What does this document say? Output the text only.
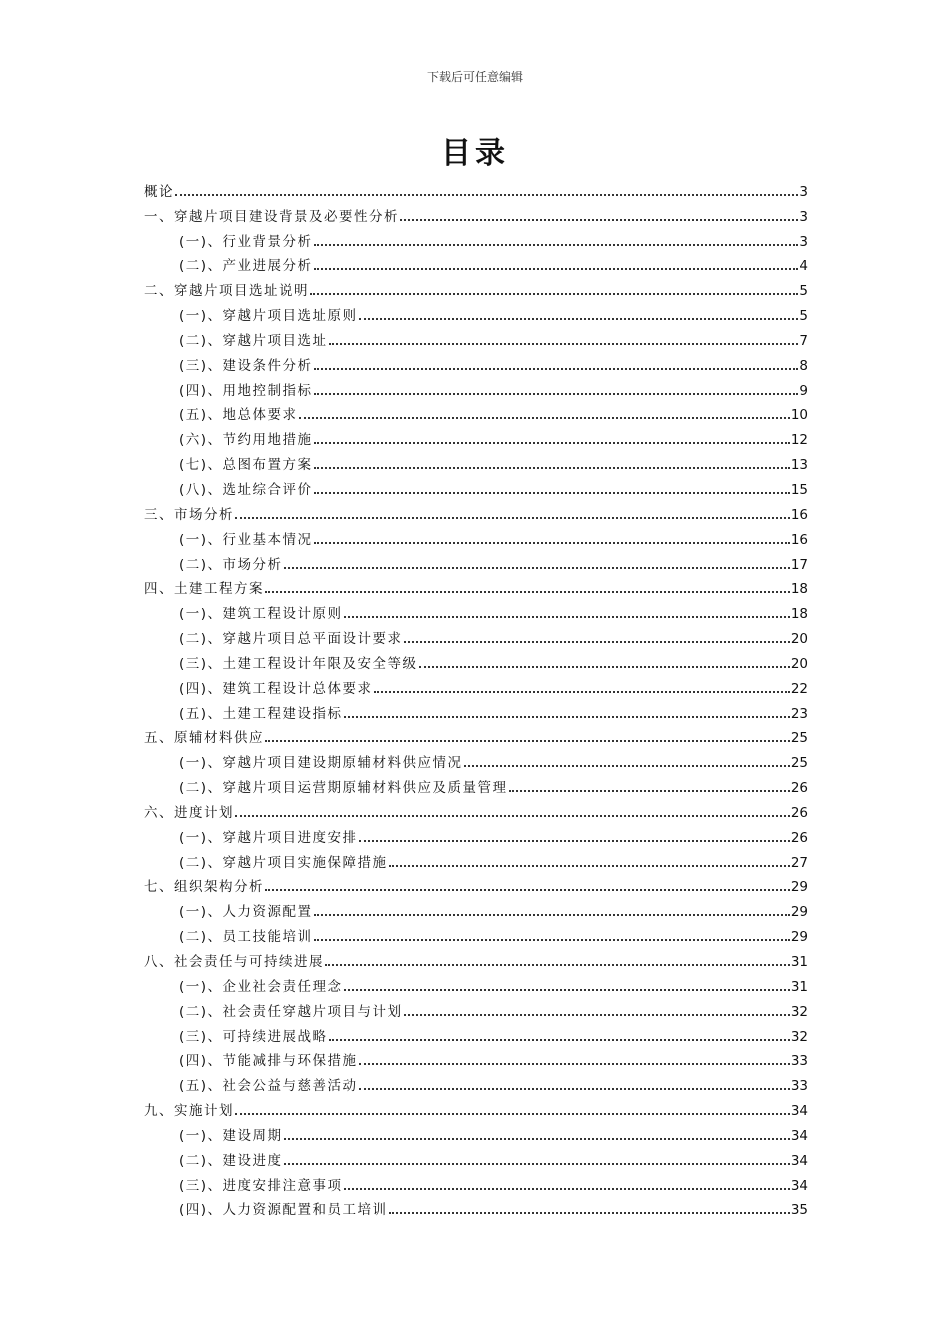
下载后可任意编辑
目录
概论	3
一、穿越片项目建设背景及必要性分析	3
(一)、行业背景分析	3
(二)、产业进展分析	4
二、穿越片项目选址说明	5
(一)、穿越片项目选址原则	5
(二)、穿越片项目选址	7
(三)、建设条件分析	8
(四)、用地控制指标	9
(五)、地总体要求	10
(六)、节约用地措施	12
(七)、总图布置方案	13
(八)、选址综合评价	15
三、市场分析	16
(一)、行业基本情况	16
(二)、市场分析	17
四、土建工程方案	18
(一)、建筑工程设计原则	18
(二)、穿越片项目总平面设计要求	20
(三)、土建工程设计年限及安全等级	20
(四)、建筑工程设计总体要求	22
(五)、土建工程建设指标	23
五、原辅材料供应	25
(一)、穿越片项目建设期原辅材料供应情况	25
(二)、穿越片项目运营期原辅材料供应及质量管理	26
六、进度计划	26
(一)、穿越片项目进度安排	26
(二)、穿越片项目实施保障措施	27
七、组织架构分析	29
(一)、人力资源配置	29
(二)、员工技能培训	29
八、社会责任与可持续进展	31
(一)、企业社会责任理念	31
(二)、社会责任穿越片项目与计划	32
(三)、可持续进展战略	32
(四)、节能减排与环保措施	33
(五)、社会公益与慈善活动	33
九、实施计划	34
(一)、建设周期	34
(二)、建设进度	34
(三)、进度安排注意事项	34
(四)、人力资源配置和员工培训	35
